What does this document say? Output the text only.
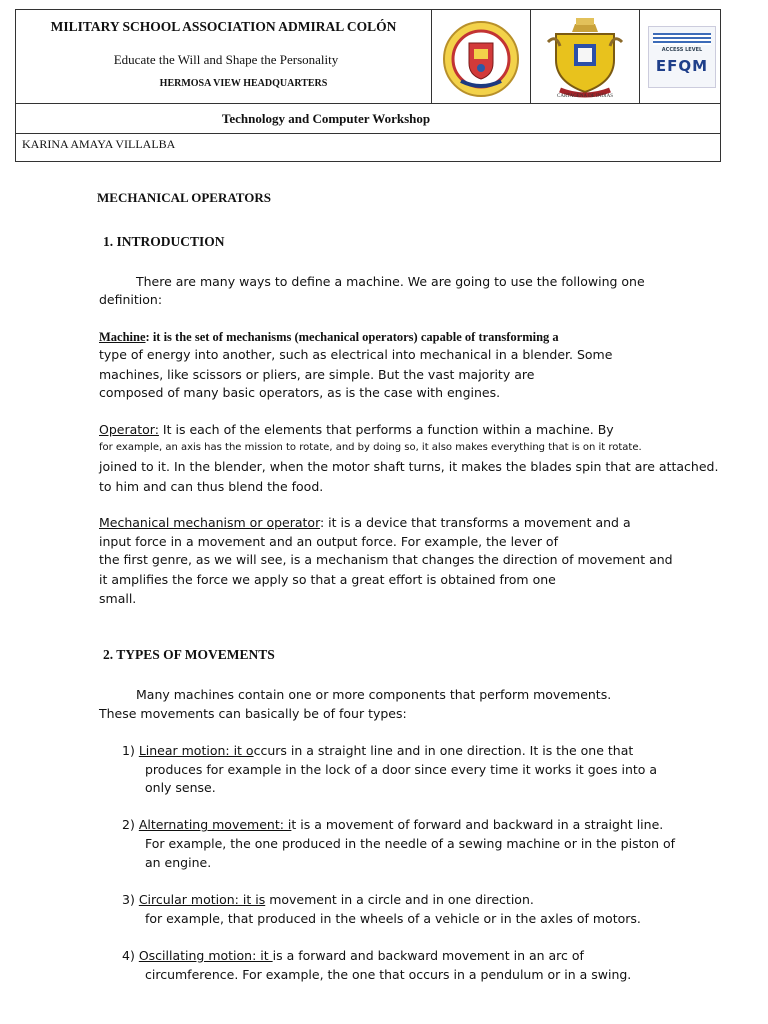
MILITARY SCHOOL ASSOCIATION ADMIRAL COLÓN
Educate the Will and Shape the Personality
HERMOSA VIEW HEADQUARTERS
CARTAGENA DE INDIAS
ACCESS LEVEL
EFQM
Technology and Computer Workshop
KARINA AMAYA VILLALBA
MECHANICAL OPERATORS
1. INTRODUCTION
There are many ways to define a machine. We are going to use the following one
definition:
Machine: it is the set of mechanisms (mechanical operators) capable of transforming a
type of energy into another, such as electrical into mechanical in a blender. Some
machines, like scissors or pliers, are simple. But the vast majority are
composed of many basic operators, as is the case with engines.
Operator: It is each of the elements that performs a function within a machine. By
for example, an axis has the mission to rotate, and by doing so, it also makes everything that is on it rotate.
joined to it. In the blender, when the motor shaft turns, it makes the blades spin that are attached.
to him and can thus blend the food.
Mechanical mechanism or operator: it is a device that transforms a movement and a
input force in a movement and an output force. For example, the lever of
the first genre, as we will see, is a mechanism that changes the direction of movement and
it amplifies the force we apply so that a great effort is obtained from one
small.
2. TYPES OF MOVEMENTS
Many machines contain one or more components that perform movements.
These movements can basically be of four types:
1) Linear motion: it occurs in a straight line and in one direction. It is the one that
produces for example in the lock of a door since every time it works it goes into a
only sense.
2) Alternating movement: it is a movement of forward and backward in a straight line.
For example, the one produced in the needle of a sewing machine or in the piston of
an engine.
3) Circular motion: it is movement in a circle and in one direction.
for example, that produced in the wheels of a vehicle or in the axles of motors.
4) Oscillating motion: it is a forward and backward movement in an arc of
circumference. For example, the one that occurs in a pendulum or in a swing.
